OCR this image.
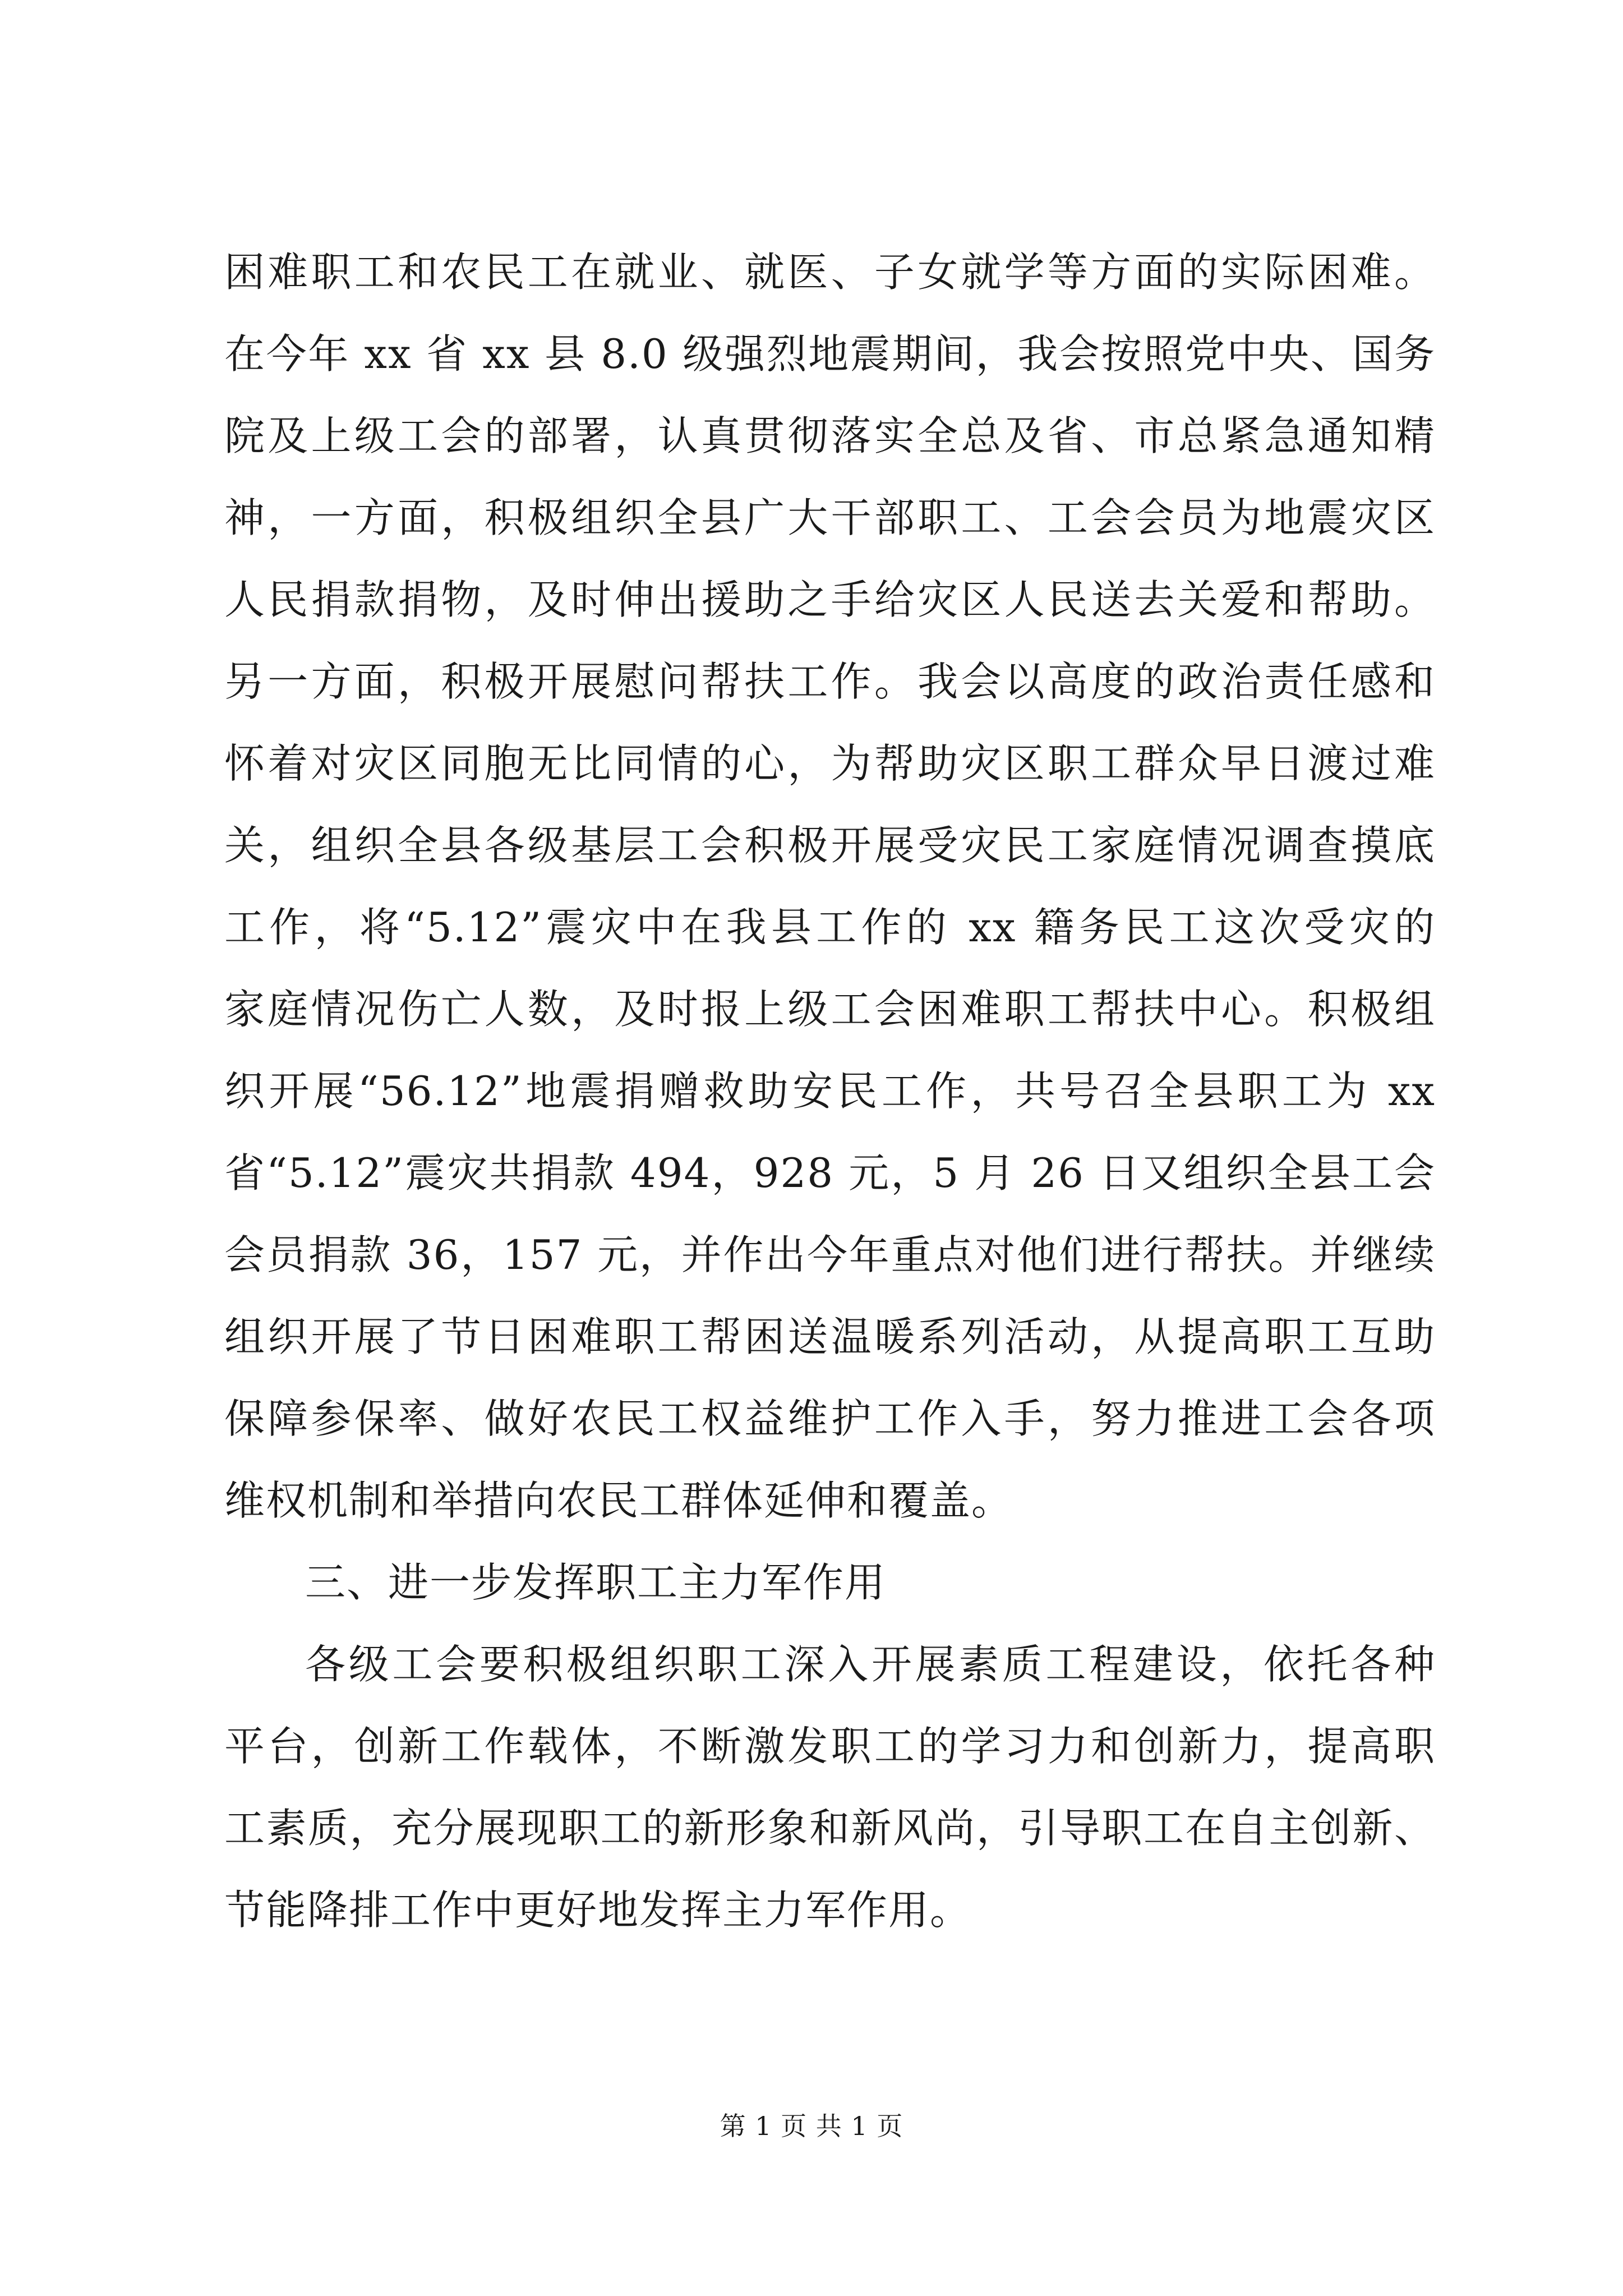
困难职工和农民工在就业、就医、子女就学等方面的实际困难。
在今年 xx 省 xx 县 8.0 级强烈地震期间，我会按照党中央、国务
院及上级工会的部署，认真贯彻落实全总及省、市总紧急通知精
神，一方面，积极组织全县广大干部职工、工会会员为地震灾区
人民捐款捐物，及时伸出援助之手给灾区人民送去关爱和帮助。
另一方面，积极开展慰问帮扶工作。我会以高度的政治责任感和
怀着对灾区同胞无比同情的心，为帮助灾区职工群众早日渡过难
关，组织全县各级基层工会积极开展受灾民工家庭情况调查摸底
工作，将“5.12”震灾中在我县工作的 xx 籍务民工这次受灾的
家庭情况伤亡人数，及时报上级工会困难职工帮扶中心。积极组
织开展“56.12”地震捐赠救助安民工作，共号召全县职工为 xx
省“5.12”震灾共捐款 494，928 元，5 月 26 日又组织全县工会
会员捐款 36，157 元，并作出今年重点对他们进行帮扶。并继续
组织开展了节日困难职工帮困送温暖系列活动，从提高职工互助
保障参保率、做好农民工权益维护工作入手，努力推进工会各项
维权机制和举措向农民工群体延伸和覆盖。
三、进一步发挥职工主力军作用
各级工会要积极组织职工深入开展素质工程建设，依托各种
平台，创新工作载体，不断激发职工的学习力和创新力，提高职
工素质，充分展现职工的新形象和新风尚，引导职工在自主创新、
节能降排工作中更好地发挥主力军作用。
第 1 页 共 1 页
